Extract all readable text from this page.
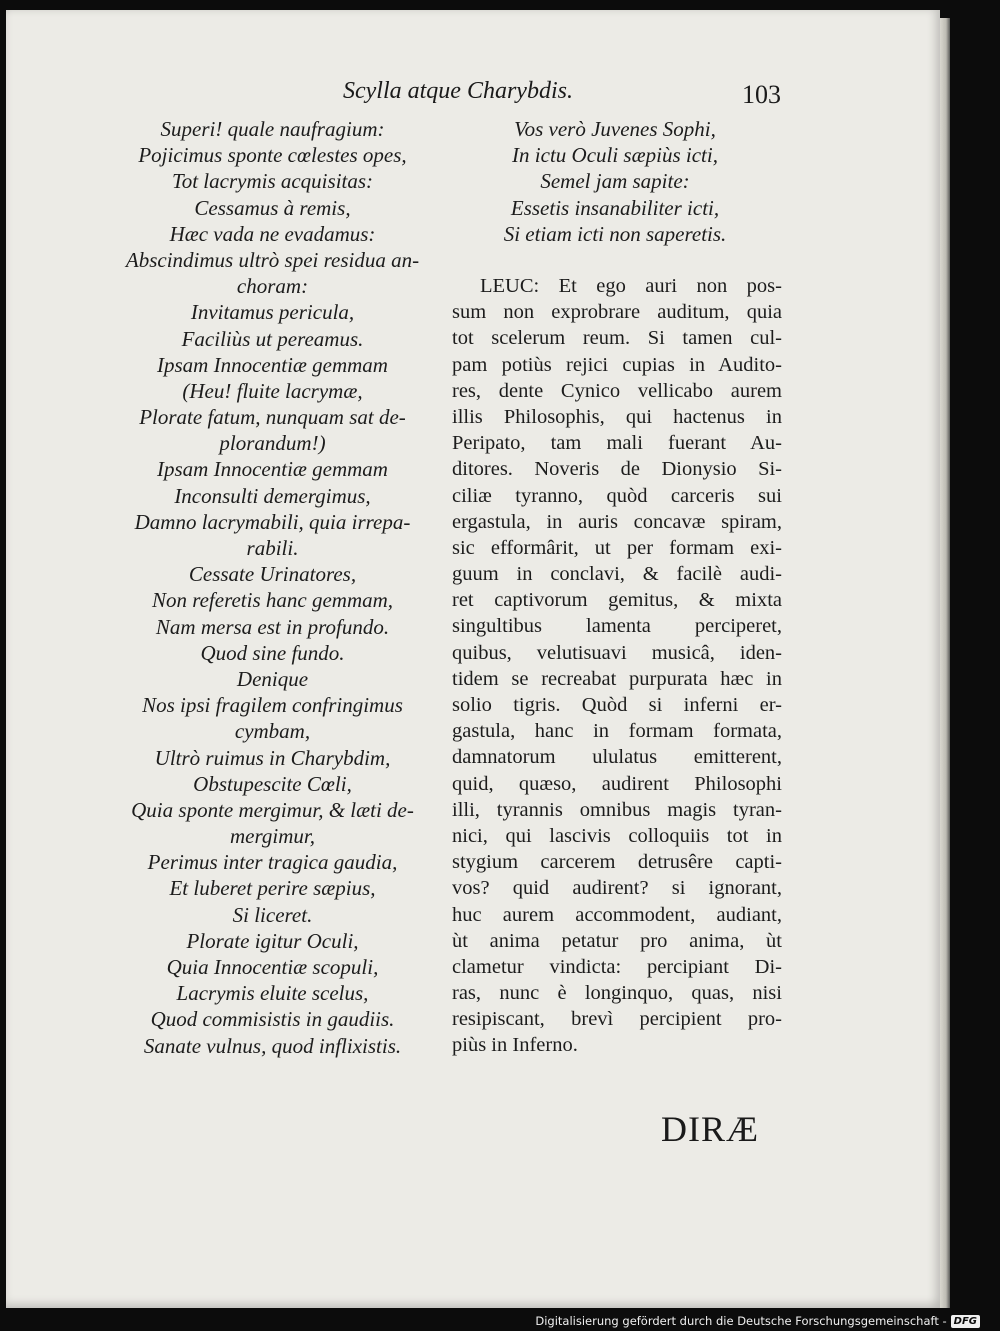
Scylla atque Charybdis.	103
Superi! quale naufragium:
Pojicimus sponte cœlestes opes,
Tot lacrymis acquisitas:
Cessamus à remis,
Hæc vada ne evadamus:
Abscindimus ultrò spei residua an-
choram:
Invitamus pericula,
Faciliùs ut pereamus.
Ipsam Innocentiæ gemmam
(Heu! fluite lacrymæ,
Plorate fatum, nunquam sat de-
plorandum!)
Ipsam Innocentiæ gemmam
Inconsulti demergimus,
Damno lacrymabili, quia irrepa-
rabili.
Cessate Urinatores,
Non referetis hanc gemmam,
Nam mersa est in profundo.
Quod sine fundo.
Denique
Nos ipsi fragilem confringimus
cymbam,
Ultrò ruimus in Charybdim,
Obstupescite Cœli,
Quia sponte mergimur, & læti de-
mergimur,
Perimus inter tragica gaudia,
Et luberet perire sæpius,
Si liceret.
Plorate igitur Oculi,
Quia Innocentiæ scopuli,
Lacrymis eluite scelus,
Quod commisistis in gaudiis.
Sanate vulnus, quod inflixistis.
Vos verò Juvenes Sophi,
In ictu Oculi sæpiùs icti,
Semel jam sapite:
Essetis insanabiliter icti,
Si etiam icti non saperetis.
LEUC: Et ego auri non pos-
sum non exprobrare auditum, quia
tot scelerum reum. Si tamen cul-
pam potiùs rejici cupias in Audito-
res, dente Cynico vellicabo aurem
illis Philosophis, qui hactenus in
Peripato, tam mali fuerant Au-
ditores. Noveris de Dionysio Si-
ciliæ tyranno, quòd carceris sui
ergastula, in auris concavæ spiram,
sic efformârit, ut per formam exi-
guum in conclavi, & facilè audi-
ret captivorum gemitus, & mixta
singultibus lamenta perciperet,
quibus, velutisuavi musicâ, iden-
tidem se recreabat purpurata hæc in
solio tigris. Quòd si inferni er-
gastula, hanc in formam formata,
damnatorum ululatus emitterent,
quid, quæso, audirent Philosophi
illi, tyrannis omnibus magis tyran-
nici, qui lascivis colloquiis tot in
stygium carcerem detrusêre capti-
vos? quid audirent? si ignorant,
huc aurem accommodent, audiant,
ùt anima petatur pro anima, ùt
clametur vindicta: percipiant Di-
ras, nunc è longinquo, quas, nisi
resipiscant, brevì percipient pro-
piùs in Inferno.
DIRÆ
Digitalisierung gefördert durch die Deutsche Forschungsgemeinschaft - DFG
